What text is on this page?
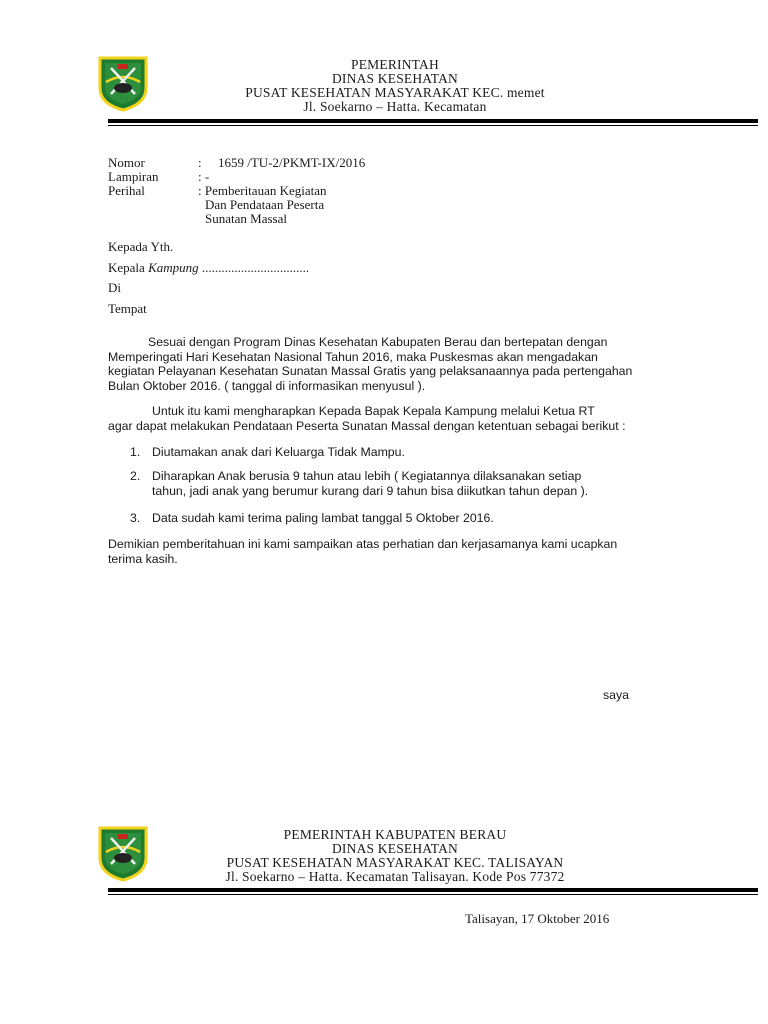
PEMERINTAH
DINAS KESEHATAN
PUSAT KESEHATAN MASYARAKAT KEC. memet
Jl. Soekarno – Hatta. Kecamatan
Nomor	: 1659 /TU-2/PKMT-IX/2016
Lampiran	: -
Perihal	: Pemberitauan Kegiatan
Dan Pendataan Peserta
Sunatan Massal
Kepada Yth.
Kepala Kampung .................................
Di
Tempat
Sesuai dengan Program Dinas Kesehatan Kabupaten Berau dan bertepatan dengan
Memperingati Hari Kesehatan Nasional Tahun 2016, maka Puskesmas akan mengadakan
kegiatan Pelayanan Kesehatan Sunatan Massal Gratis yang pelaksanaannya pada pertengahan
Bulan Oktober 2016. ( tanggal di informasikan menyusul ).
Untuk itu kami mengharapkan Kepada Bapak Kepala Kampung melalui Ketua RT
agar dapat melakukan Pendataan Peserta Sunatan Massal dengan ketentuan sebagai berikut :
1. Diutamakan anak dari Keluarga Tidak Mampu.
2. Diharapkan Anak berusia 9 tahun atau lebih ( Kegiatannya dilaksanakan setiap
tahun, jadi anak yang berumur kurang dari 9 tahun bisa diikutkan tahun depan ).
3. Data sudah kami terima paling lambat tanggal 5 Oktober 2016.
Demikian pemberitahuan ini kami sampaikan atas perhatian dan kerjasamanya kami ucapkan
terima kasih.
saya
PEMERINTAH KABUPATEN BERAU
DINAS KESEHATAN
PUSAT KESEHATAN MASYARAKAT KEC. TALISAYAN
Jl. Soekarno – Hatta. Kecamatan Talisayan. Kode Pos 77372
Talisayan, 17 Oktober 2016
